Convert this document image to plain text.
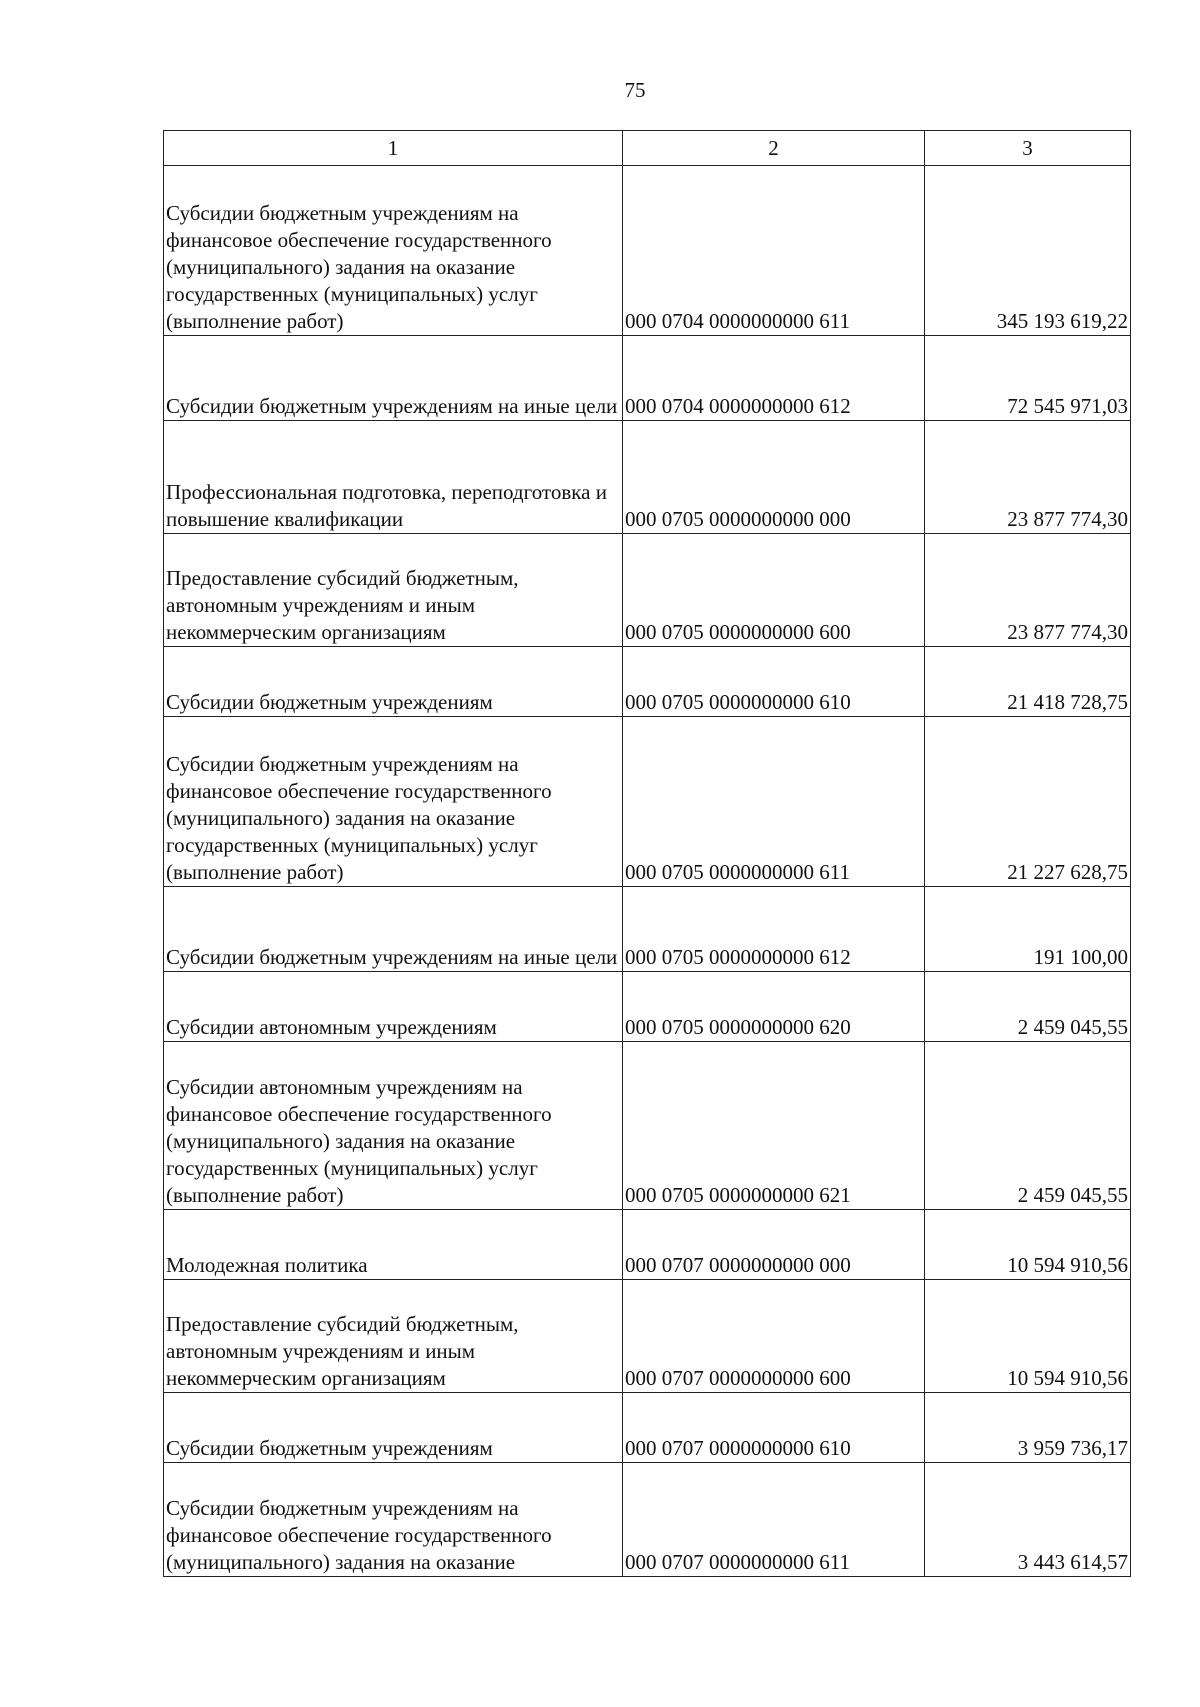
75
1	2	3
Субсидии бюджетным учреждениям на финансовое обеспечение государственного (муниципального) задания на оказание государственных (муниципальных) услуг (выполнение работ)	000 0704 0000000000 611	345 193 619,22
Субсидии бюджетным учреждениям на иные цели	000 0704 0000000000 612	72 545 971,03
Профессиональная подготовка, переподготовка и повышение квалификации	000 0705 0000000000 000	23 877 774,30
Предоставление субсидий бюджетным, автономным учреждениям и иным некоммерческим организациям	000 0705 0000000000 600	23 877 774,30
Субсидии бюджетным учреждениям	000 0705 0000000000 610	21 418 728,75
Субсидии бюджетным учреждениям на финансовое обеспечение государственного (муниципального) задания на оказание государственных (муниципальных) услуг (выполнение работ)	000 0705 0000000000 611	21 227 628,75
Субсидии бюджетным учреждениям на иные цели	000 0705 0000000000 612	191 100,00
Субсидии автономным учреждениям	000 0705 0000000000 620	2 459 045,55
Субсидии автономным учреждениям на финансовое обеспечение государственного (муниципального) задания на оказание государственных (муниципальных) услуг (выполнение работ)	000 0705 0000000000 621	2 459 045,55
Молодежная политика	000 0707 0000000000 000	10 594 910,56
Предоставление субсидий бюджетным, автономным учреждениям и иным некоммерческим организациям	000 0707 0000000000 600	10 594 910,56
Субсидии бюджетным учреждениям	000 0707 0000000000 610	3 959 736,17
Субсидии бюджетным учреждениям на финансовое обеспечение государственного (муниципального) задания на оказание	000 0707 0000000000 611	3 443 614,57
